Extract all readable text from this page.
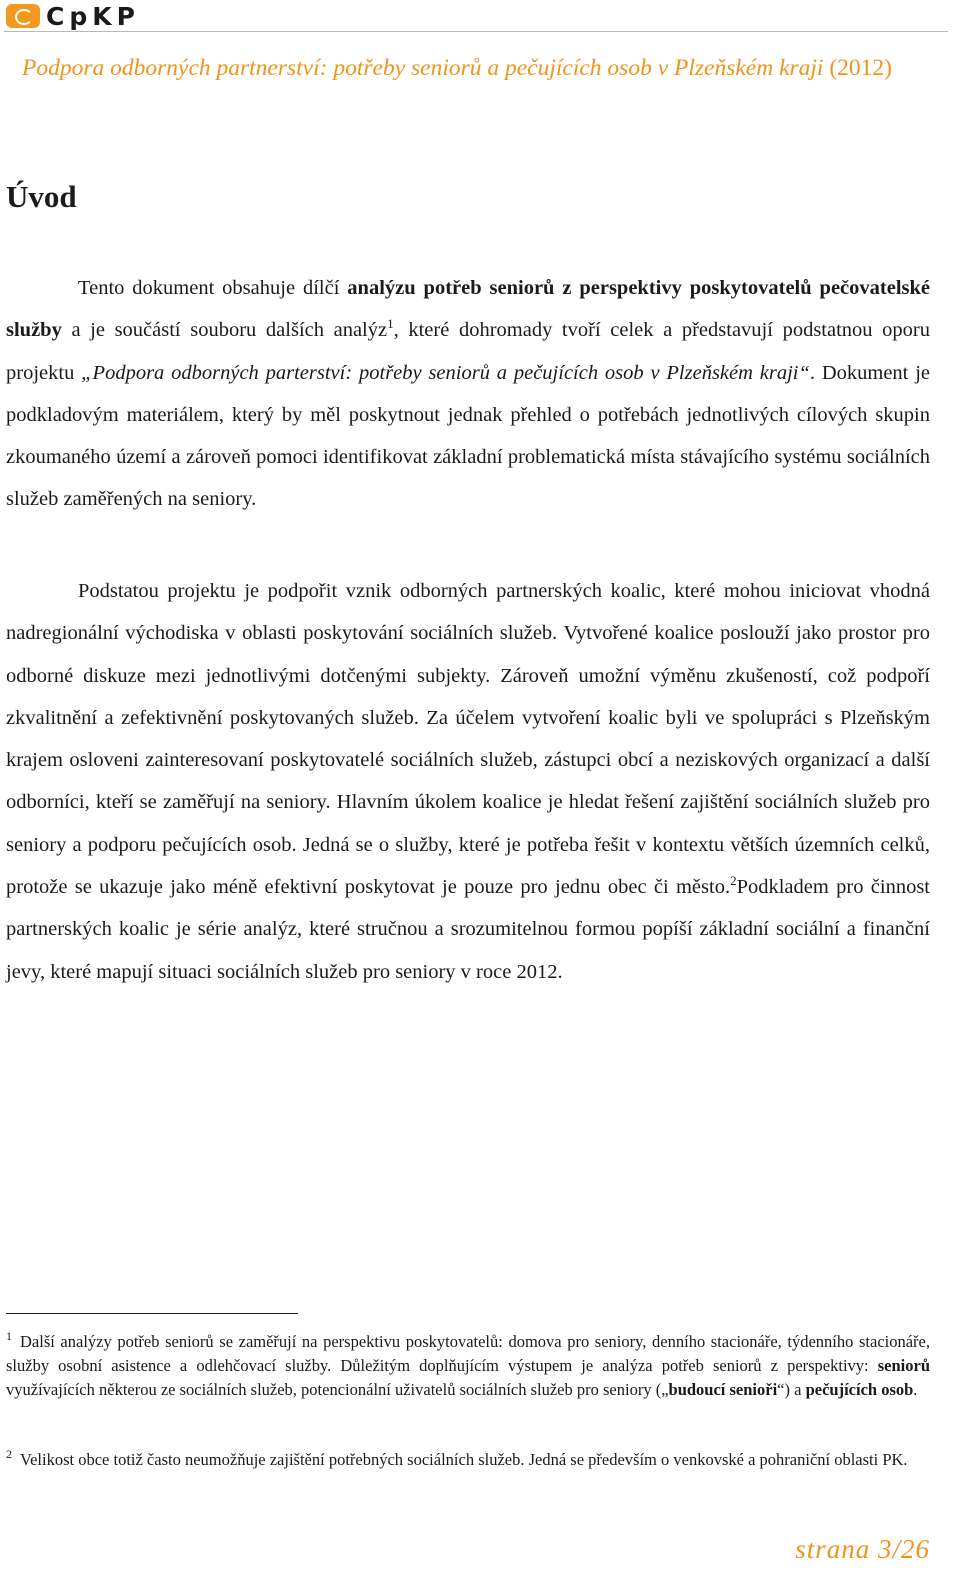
CpKP
Podpora odborných partnerství: potřeby seniorů a pečujících osob v Plzeňském kraji (2012)
Úvod

Tento dokument obsahuje dílčí analýzu potřeb seniorů z perspektivy poskytovatelů pečovatelské služby a je součástí souboru dalších analýz$^1$, které dohromady tvoří celek a představují podstatnou oporu projektu „Podpora odborných parterství: potřeby seniorů a pečujících osob v Plzeňském kraji“. Dokument je podkladovým materiálem, který by měl poskytnout jednak přehled o potřebách jednotlivých cílových skupin zkoumaného území a zároveň pomoci identifikovat základní problematická místa stávajícího systému sociálních služeb zaměřených na seniory.

Podstatou projektu je podpořit vznik odborných partnerských koalic, které mohou iniciovat vhodná nadregionální východiska v oblasti poskytování sociálních služeb. Vytvořené koalice poslouží jako prostor pro odborné diskuze mezi jednotlivými dotčenými subjekty. Zároveň umožní výměnu zkušeností, což podpoří zkvalitnění a zefektivnění poskytovaných služeb. Za účelem vytvoření koalic byli ve spolupráci s Plzeňským krajem osloveni zainteresovaní poskytovatelé sociálních služeb, zástupci obcí a neziskových organizací a další odborníci, kteří se zaměřují na seniory. Hlavním úkolem koalice je hledat řešení zajištění sociálních služeb pro seniory a podporu pečujících osob. Jedná se o služby, které je potřeba řešit v kontextu větších územních celků, protože se ukazuje jako méně efektivní poskytovat je pouze pro jednu obec či město.$^2$Podkladem pro činnost partnerských koalic je série analýz, které stručnou a srozumitelnou formou popíší základní sociální a finanční jevy, které mapují situaci sociálních služeb pro seniory v roce 2012.

$^1$ Další analýzy potřeb seniorů se zaměřují na perspektivu poskytovatelů: domova pro seniory, denního stacionáře, týdenního stacionáře, služby osobní asistence a odlehčovací služby. Důležitým doplňujícím výstupem je analýza potřeb seniorů z perspektivy: seniorů využívajících některou ze sociálních služeb, potencionální uživatelů sociálních služeb pro seniory („budoucí senioři“) a pečujících osob.

$^2$ Velikost obce totiž často neumožňuje zajištění potřebných sociálních služeb. Jedná se především o venkovské a pohraniční oblasti PK.

strana 3/26
